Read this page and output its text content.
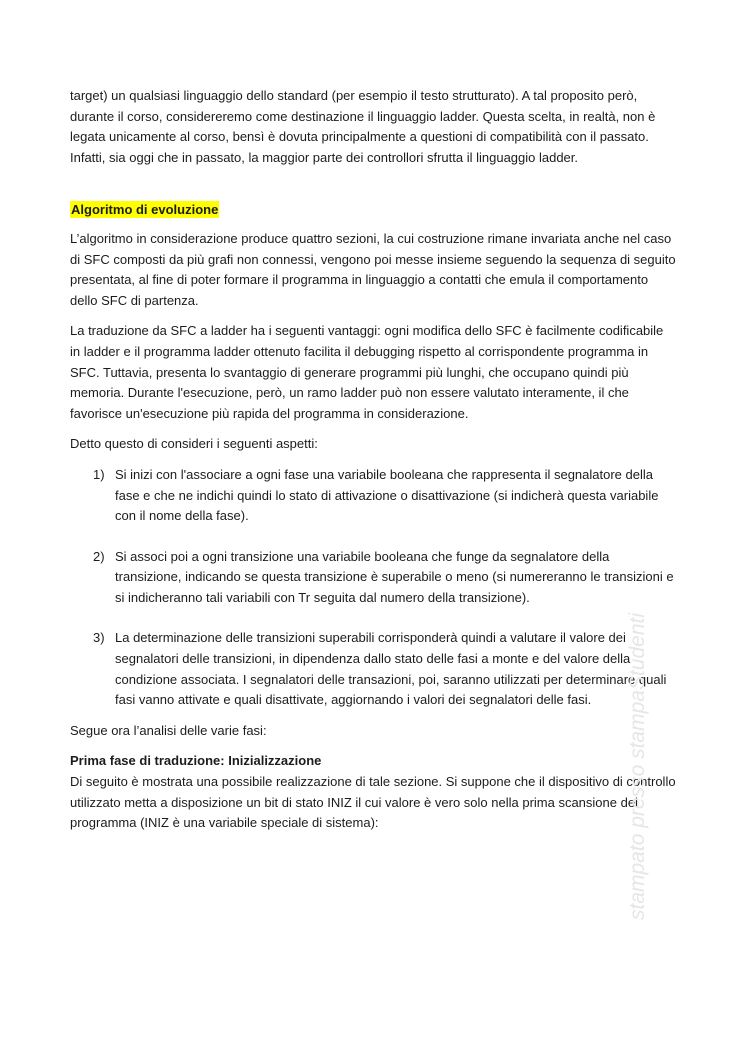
target) un qualsiasi linguaggio dello standard (per esempio il testo strutturato). A tal proposito però, durante il corso, considereremo come destinazione il linguaggio ladder. Questa scelta, in realtà, non è legata unicamente al corso, bensì è dovuta principalmente a questioni di compatibilità con il passato. Infatti, sia oggi che in passato, la maggior parte dei controllori sfrutta il linguaggio ladder.

Algoritmo di evoluzione

L’algoritmo in considerazione produce quattro sezioni, la cui costruzione rimane invariata anche nel caso di SFC composti da più grafi non connessi, vengono poi messe insieme seguendo la sequenza di seguito presentata, al fine di poter formare il programma in linguaggio a contatti che emula il comportamento dello SFC di partenza.

La traduzione da SFC a ladder ha i seguenti vantaggi: ogni modifica dello SFC è facilmente codificabile in ladder e il programma ladder ottenuto facilita il debugging rispetto al corrispondente programma in SFC. Tuttavia, presenta lo svantaggio di generare programmi più lunghi, che occupano quindi più memoria. Durante l'esecuzione, però, un ramo ladder può non essere valutato interamente, il che favorisce un'esecuzione più rapida del programma in considerazione.

Detto questo di consideri i seguenti aspetti:

1) Si inizi con l'associare a ogni fase una variabile booleana che rappresenta il segnalatore della fase e che ne indichi quindi lo stato di attivazione o disattivazione (si indicherà questa variabile con il nome della fase).
2) Si associ poi a ogni transizione una variabile booleana che funge da segnalatore della transizione, indicando se questa transizione è superabile o meno (si numereranno le transizioni e si indicheranno tali variabili con Tr seguita dal numero della transizione).
3) La determinazione delle transizioni superabili corrisponderà quindi a valutare il valore dei segnalatori delle transizioni, in dipendenza dallo stato delle fasi a monte e del valore della condizione associata. I segnalatori delle transazioni, poi, saranno utilizzati per determinare quali fasi vanno attivate e quali disattivate, aggiornando i valori dei segnalatori delle fasi.

Segue ora l’analisi delle varie fasi:

Prima fase di traduzione: Inizializzazione

Di seguito è mostrata una possibile realizzazione di tale sezione. Si suppone che il dispositivo di controllo utilizzato metta a disposizione un bit di stato INIZ il cui valore è vero solo nella prima scansione del programma (INIZ è una variabile speciale di sistema):	stampato presso stampaStudenti
